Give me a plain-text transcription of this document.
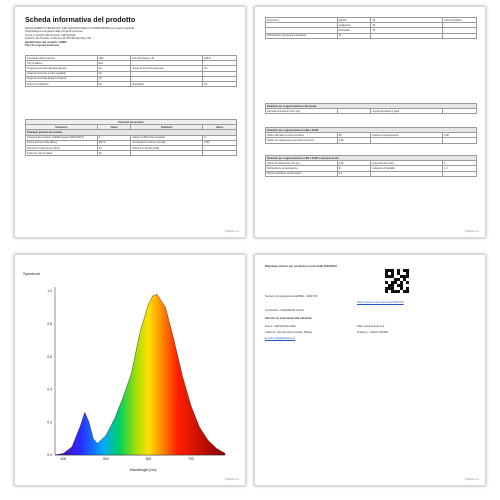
Scheda informativa del prodotto
REGOLAMENTO DELEGATO (UE) 2019/2015 DELLA COMMISSIONE per quanto riguarda
l'etichettatura energetica delle sorgenti luminose
Nome o marchio del fornitore: LEDVANCE
Indirizzo del fornitore: Parkring 33, 85748 Garching, DE
Identificativo del modello: 10889
Tipo di sorgente luminosa:
Tecnologia d'illuminazione	LED	Non direzionale o dir.	NDLS
Tipo di attacco	E14		
Sorgente luminosa collegata alla rete	No	Sorgente luminosa connessa	No
Sorgente luminosa a colori regolabili	No		
Sorgente luminosa ad alta luminanza	No		
Schermo antiriflesso	No	Regolabile	No
Parametri del prodotto			
Parametro	Valore	Parametro	Valore
Parametri generali del prodotto			
Consumo di energia in modalità acceso (kWh/1000 h)	4	Classe di efficienza energetica	G
Flusso luminoso utile (Φuse)	250 lm	Temperatura di colore correlata	2700
Potenza in modo acceso (Pon)	4,0	Potenza in standby (Psb)	-
Indice di resa cromatica	80		
Pagina 1 / 4
Dimensioni	Altezza	49	Curva del fattore
	Larghezza	39	
	Profondità	39	
Dichiarazione di potenza equivalente	Sì		
Parametri per sorgenti luminose direzionali
Intensità luminosa di picco (cd)	-	Angolo del fascio in gradi	-
Parametri per sorgenti luminose LED e OLED			
Valore dell'indice di resa cromatica	80	Fattore di sopravvivenza	0,90
Fattore di mantenimento del flusso luminoso	0,90		
Parametri per sorgenti luminose LED e OLED a tensione di rete			
Fattore di sfasamento (cos φ1)	0,50	Coerenza del colore	6
Dichiarazione di equivalenza	Sì	Indicatore di sfarfallio	1,0
Metrica dell'effetto stroboscopico	0,4		
Pagina 2 / 4
Spectrum
1.0
0.8
0.6
0.4
0.2
0.0
400	500	600	700
Wavelength [nm]
Pagina 3 / 4
Riepilogo tecnico per prodotti ai sensi della 2019/2015
Numero di registrazione EPREL: 1091743
https://eprel.ec.europa.eu/qr/1091743
Costruttore: LEDVANCE GmbH
Servizio di assistenza alla clientela:
Nome: LEDVANCE Italia
Indirizzo: Via Giovanni Gentile, Milano
E-mail: info@ledvance.it
Web: www.ledvance.it
Telefono: +39 02 123456
Pagina 4 / 4
